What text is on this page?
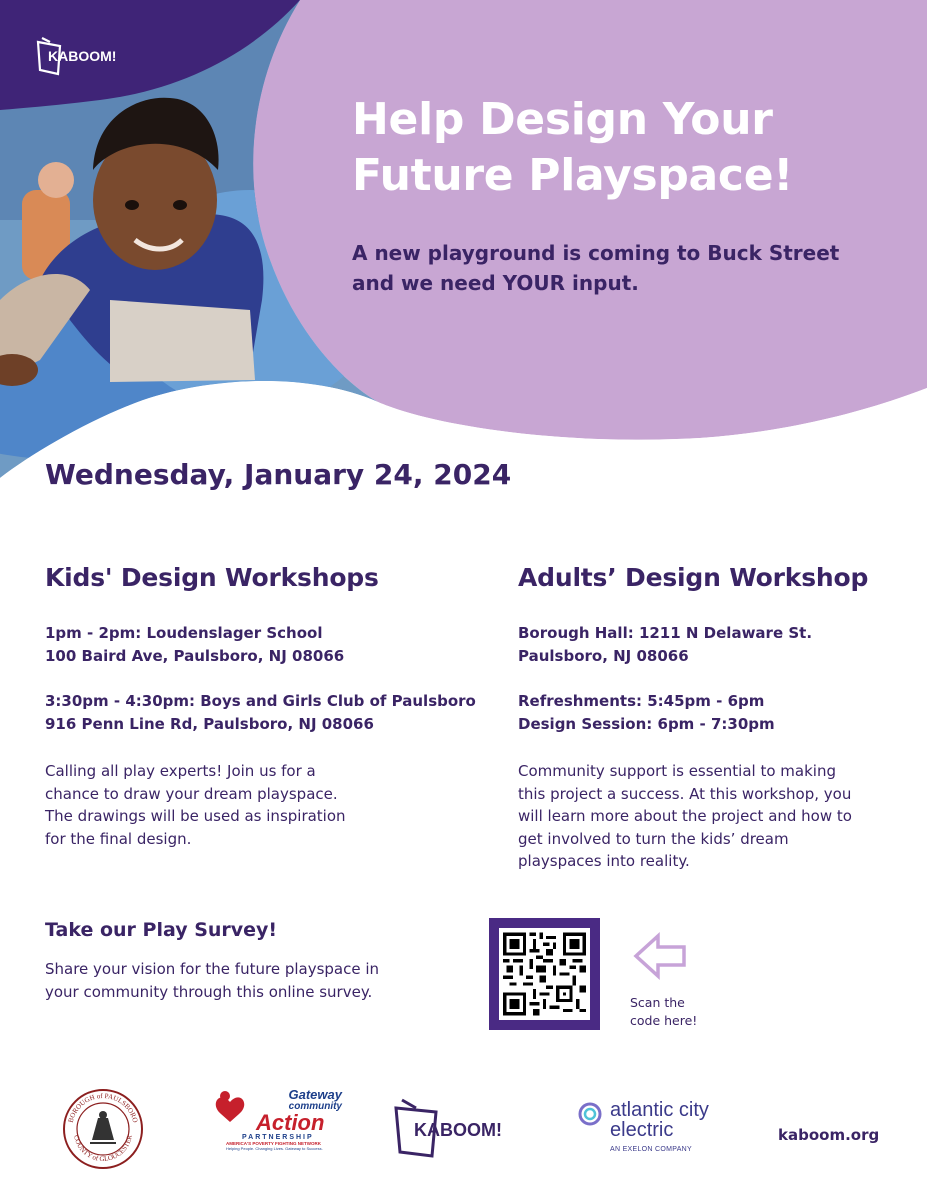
KABOOM!
Help Design Your
Future Playspace!
A new playground is coming to Buck Street
and we need YOUR input.
Wednesday, January 24, 2024
Kids' Design Workshops
1pm - 2pm: Loudenslager School
100 Baird Ave, Paulsboro, NJ 08066
3:30pm - 4:30pm: Boys and Girls Club of Paulsboro
916 Penn Line Rd, Paulsboro, NJ 08066
Calling all play experts! Join us for a
chance to draw your dream playspace.
The drawings will be used as inspiration
for the final design.
Adults’ Design Workshop
Borough Hall: 1211 N Delaware St.
Paulsboro, NJ 08066
Refreshments: 5:45pm - 6pm
Design Session: 6pm - 7:30pm
Community support is essential to making
this project a success. At this workshop, you
will learn more about the project and how to
get involved to turn the kids’ dream
playspaces into reality.
Take our Play Survey!

Share your vision for the future playspace in
your community through this online survey.

Scan the
code here!
BOROUGH of PAULSBORO
COUNTY of GLOUCESTER
Gateway
community
Action
PARTNERSHIP
AMERICA'S POVERTY FIGHTING NETWORK
Helping People. Changing Lives. Gateway to Success.
KABOOM!
atlantic city
electric
AN EXELON COMPANY
kaboom.org
